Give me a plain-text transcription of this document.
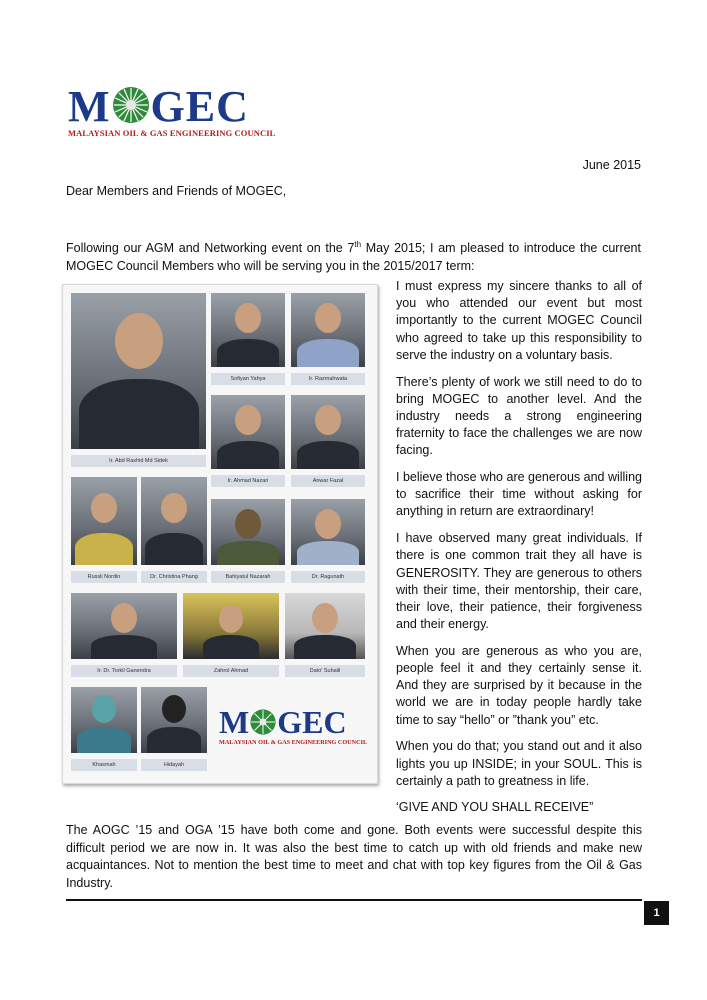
M GEC
MALAYSIAN OIL & GAS ENGINEERING COUNCIL
June 2015
Dear Members and Friends of MOGEC,
Following our AGM and Networking event on the 7th May 2015; I am pleased to introduce the current MOGEC Council Members who will be serving you in the 2015/2017 term:
Ir. Abd Rashid Md Sidek
Sofiyan Yahya	Ir. Razmahwata
Ir. Ahmad Nazari	Anwar Fazal
Russli Nordin	Dr. Christina Phang	Bahiyatul Nazarah	Dr. Ragunath
Ir. Dr. Torkil Ganendra	Zahrol Ahmad	Dato' Suhaili
Khasmah	Hidayah
M GEC
MALAYSIAN OIL & GAS ENGINEERING COUNCIL

I must express my sincere thanks to all of you who attended our event but most importantly to the current MOGEC Council who agreed to take up this responsibility to serve the industry on a voluntary basis.

There’s plenty of work we still need to do to bring MOGEC to another level. And the industry needs a strong engineering fraternity to face the challenges we are now facing.

I believe those who are generous and willing to sacrifice their time without asking for anything in return are extraordinary!

I have observed many great individuals. If there is one common trait they all have is GENEROSITY. They are generous to others with their time, their mentorship, their care, their love, their patience, their forgiveness and their energy.

When you are generous as who you are, people feel it and they certainly sense it. And they are surprised by it because in the world we are in today people hardly take time to say “hello” or ”thank you” etc.

When you do that; you stand out and it also lights you up INSIDE; in your SOUL. This is certainly a path to greatness in life.

‘GIVE AND YOU SHALL RECEIVE”

The AOGC ’15 and OGA ’15 have both come and gone. Both events were successful despite this difficult period we are now in. It was also the best time to catch up with old friends and make new acquaintances. Not to mention the best time to meet and chat with top key figures from the Oil & Gas Industry.
1
